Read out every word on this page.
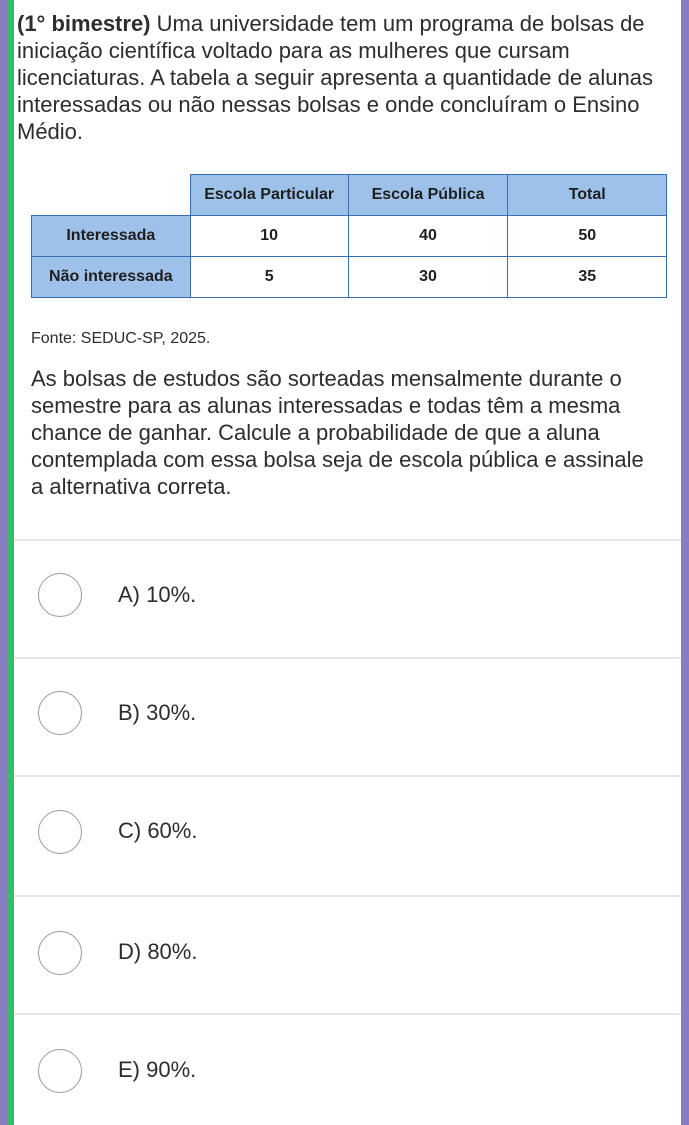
(1° bimestre) Uma universidade tem um programa de bolsas de iniciação científica voltado para as mulheres que cursam licenciaturas. A tabela a seguir apresenta a quantidade de alunas interessadas ou não nessas bolsas e onde concluíram o Ensino Médio.

	Escola Particular	Escola Pública	Total
Interessada	10	40	50
Não interessada	5	30	35
Fonte: SEDUC-SP, 2025.

As bolsas de estudos são sorteadas mensalmente durante o semestre para as alunas interessadas e todas têm a mesma chance de ganhar. Calcule a probabilidade de que a aluna contemplada com essa bolsa seja de escola pública e assinale a alternativa correta.

A) 10%.
B) 30%.
C) 60%.
D) 80%.
E) 90%.
